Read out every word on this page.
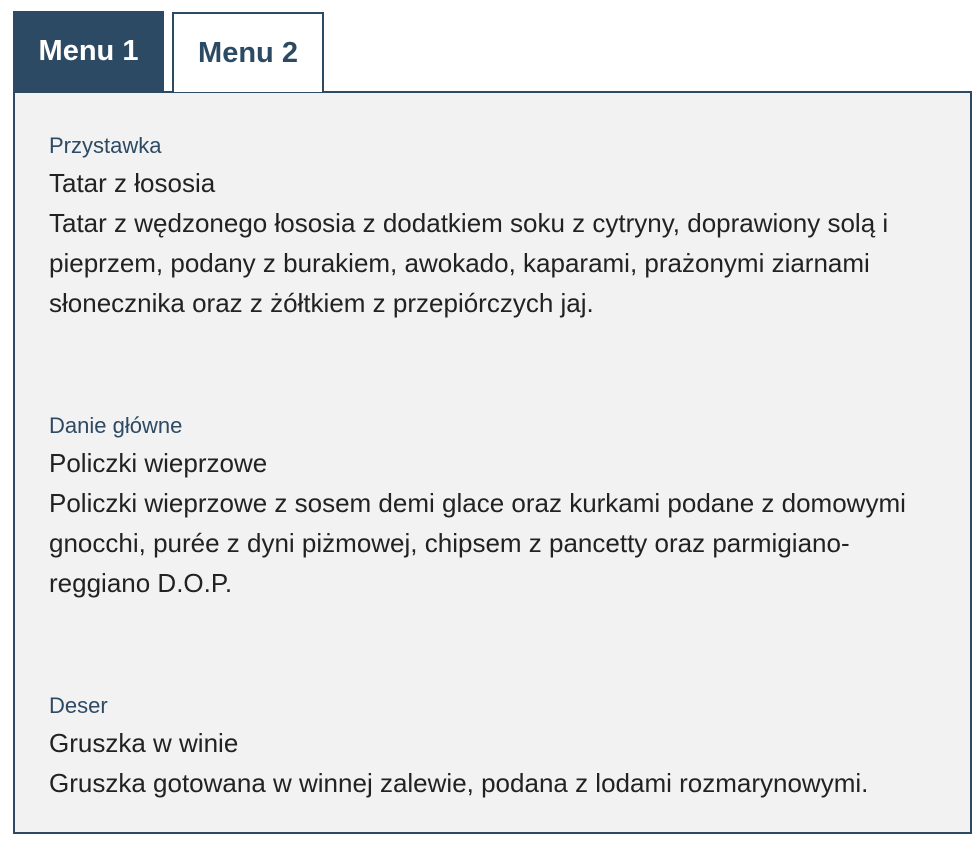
Menu 1 Menu 2
Przystawka
Tatar z łososia
Tatar z wędzonego łososia z dodatkiem soku z cytryny, doprawiony solą i pieprzem, podany z burakiem, awokado, kaparami, prażonymi ziarnami słonecznika oraz z żółtkiem z przepiórczych jaj.
Danie główne
Policzki wieprzowe
Policzki wieprzowe z sosem demi glace oraz kurkami podane z domowymi gnocchi, purée z dyni piżmowej, chipsem z pancetty oraz parmigiano-reggiano D.O.P.
Deser
Gruszka w winie
Gruszka gotowana w winnej zalewie, podana z lodami rozmarynowymi.
